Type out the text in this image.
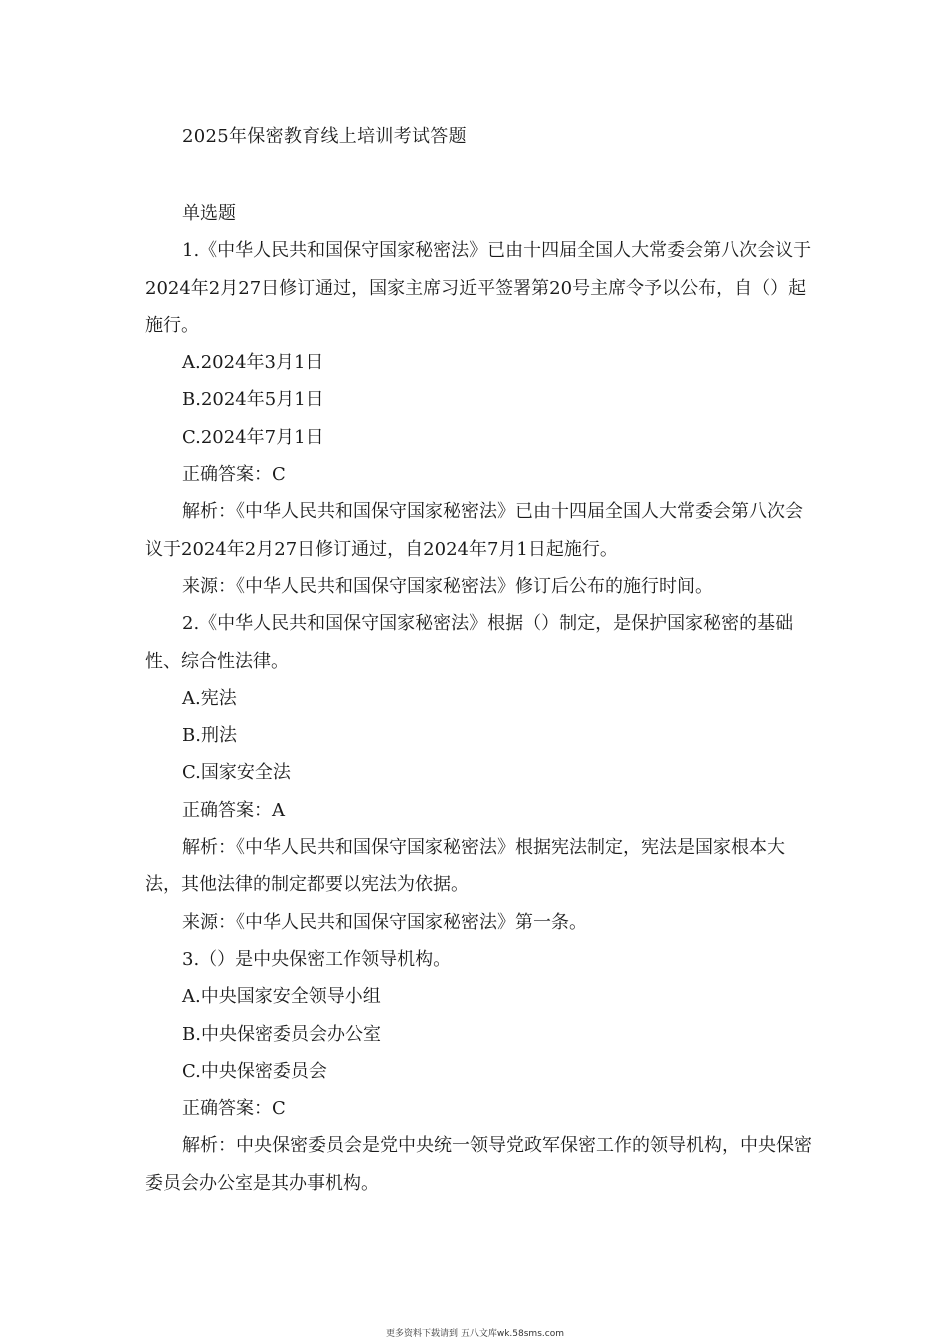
2025年保密教育线上培训考试答题

单选题

1.《中华人民共和国保守国家秘密法》已由十四届全国人大常委会第八次会议于2024年2月27日修订通过，国家主席习近平签署第20号主席令予以公布，自（）起施行。

A.2024年3月1日

B.2024年5月1日

C.2024年7月1日

正确答案：C

解析：《中华人民共和国保守国家秘密法》已由十四届全国人大常委会第八次会议于2024年2月27日修订通过，自2024年7月1日起施行。

来源：《中华人民共和国保守国家秘密法》修订后公布的施行时间。

2.《中华人民共和国保守国家秘密法》根据（）制定，是保护国家秘密的基础性、综合性法律。

A.宪法

B.刑法

C.国家安全法

正确答案：A

解析：《中华人民共和国保守国家秘密法》根据宪法制定，宪法是国家根本大法，其他法律的制定都要以宪法为依据。

来源：《中华人民共和国保守国家秘密法》第一条。

3.（）是中央保密工作领导机构。

A.中央国家安全领导小组

B.中央保密委员会办公室

C.中央保密委员会

正确答案：C

解析：中央保密委员会是党中央统一领导党政军保密工作的领导机构，中央保密委员会办公室是其办事机构。

更多资料下载请到 五八文库wk.58sms.com
